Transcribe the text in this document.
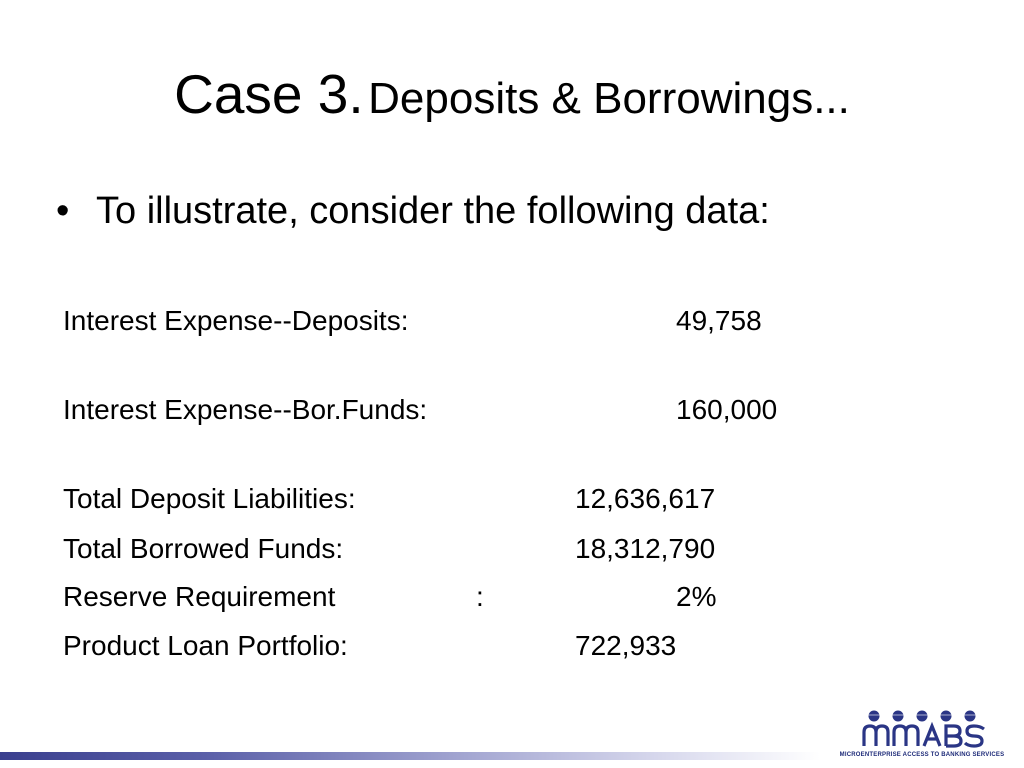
Case 3. Deposits & Borrowings...
• To illustrate, consider the following data:
Interest Expense--Deposits:	49,758
Interest Expense--Bor.Funds:	160,000
Total Deposit Liabilities:	12,636,617
Total Borrowed Funds:	18,312,790
Reserve Requirement	:	2%
Product Loan Portfolio:	722,933
MICROENTERPRISE ACCESS TO BANKING SERVICES
